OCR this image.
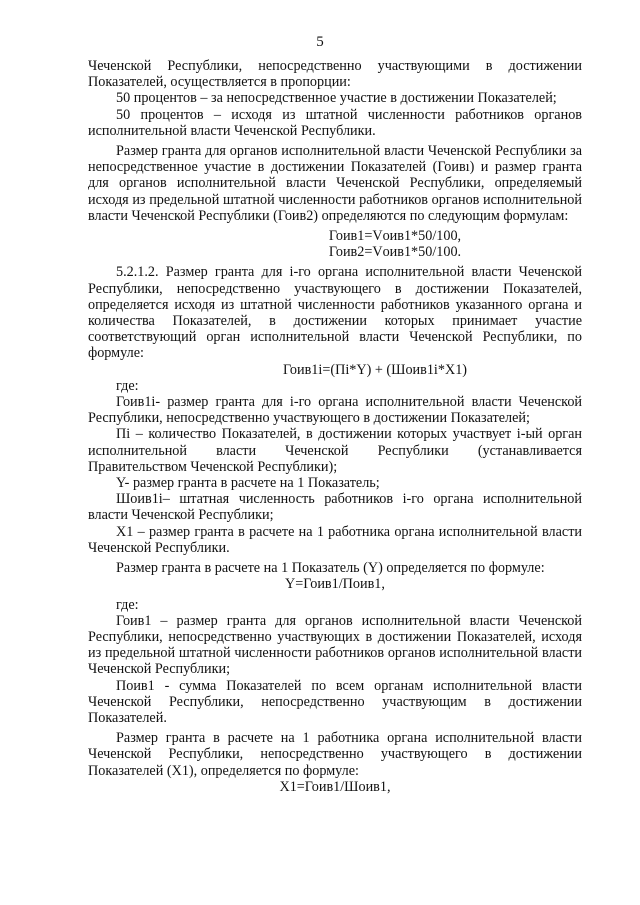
5

Чеченской Республики, непосредственно участвующими в достижении Показателей, осуществляется в пропорции:

50 процентов – за непосредственное участие в достижении Показателей;

50 процентов – исходя из штатной численности работников органов исполнительной власти Чеченской Республики.

Размер гранта для органов исполнительной власти Чеченской Республики за непосредственное участие в достижении Показателей (Гоивı) и размер гранта для органов исполнительной власти Чеченской Республики, определяемый исходя из предельной штатной численности работников органов исполнительной власти Чеченской Республики (Гоив2) определяются по следующим формулам:

Гоив1=Vоив1*50/100,

Гоив2=Vоив1*50/100.

5.2.1.2. Размер гранта для i-го органа исполнительной власти Чеченской Республики, непосредственно участвующего в достижении Показателей, определяется исходя из штатной численности работников указанного органа и количества Показателей, в достижении которых принимает участие соответствующий орган исполнительной власти Чеченской Республики, по формуле:

Гоив1i=(Пi*Y) + (Шоив1i*X1)

где:

Гоив1i- размер гранта для i-го органа исполнительной власти Чеченской Республики, непосредственно участвующего в достижении Показателей;

Пi – количество Показателей, в достижении которых участвует i-ый орган исполнительной власти Чеченской Республики (устанавливается Правительством Чеченской Республики);

Y- размер гранта в расчете на 1 Показатель;

Шоив1i– штатная численность работников i-го органа исполнительной власти Чеченской Республики;

X1 – размер гранта в расчете на 1 работника органа исполнительной власти Чеченской Республики.

Размер гранта в расчете на 1 Показатель (Y) определяется по формуле:

Y=Гоив1/Поив1,

где:

Гоив1 – размер гранта для органов исполнительной власти Чеченской Республики, непосредственно участвующих в достижении Показателей, исходя из предельной штатной численности работников органов исполнительной власти Чеченской Республики;

Поив1 - сумма Показателей по всем органам исполнительной власти Чеченской Республики, непосредственно участвующим в достижении Показателей.

Размер гранта в расчете на 1 работника органа исполнительной власти Чеченской Республики, непосредственно участвующего в достижении Показателей (X1), определяется по формуле:

X1=Гоив1/Шоив1,
